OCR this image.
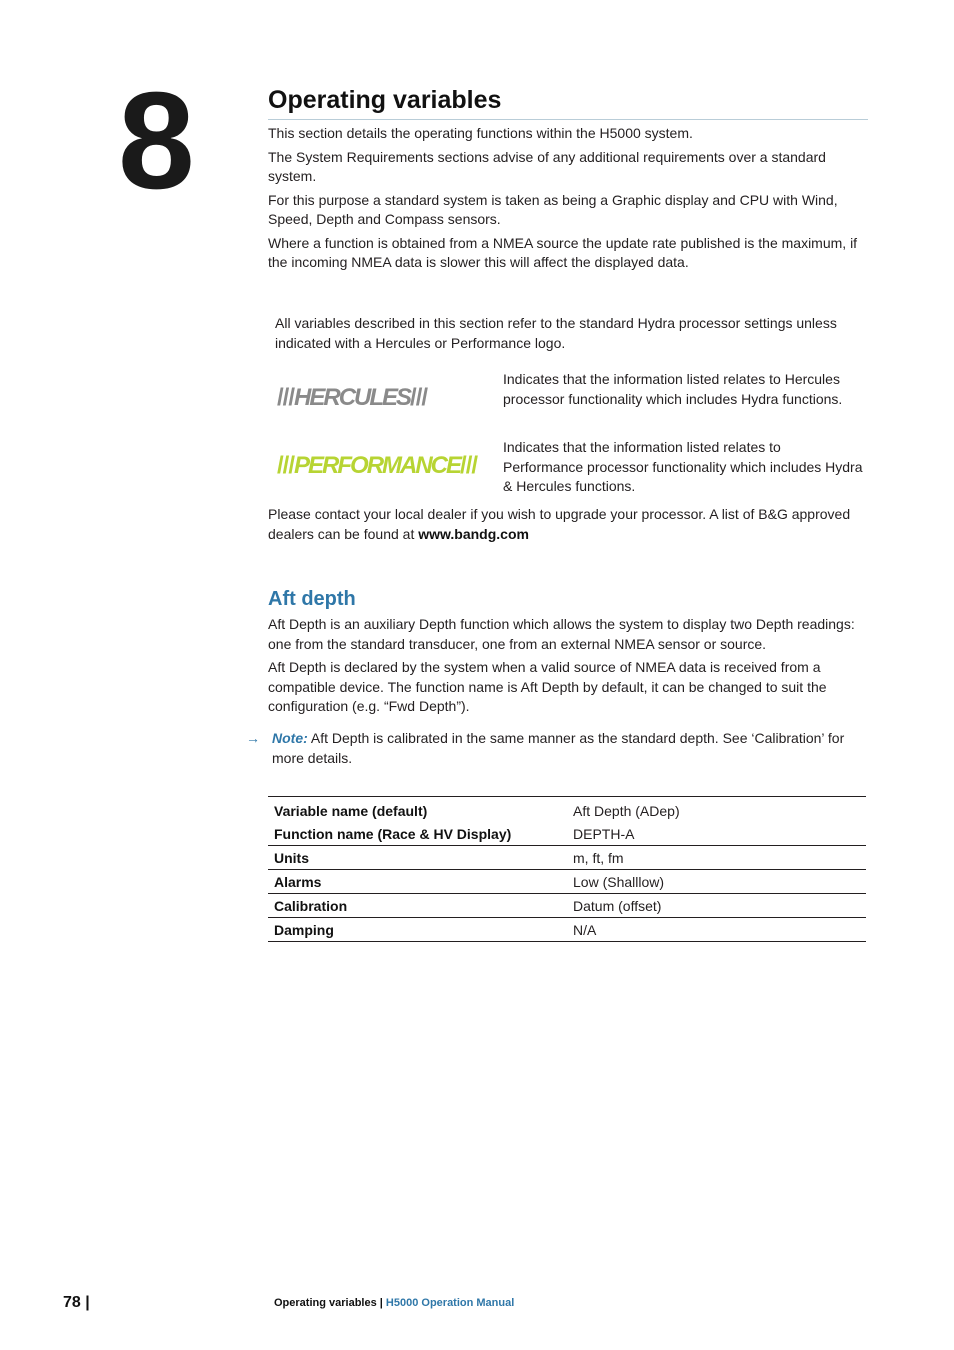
8	Operating variables

This section details the operating functions within the H5000 system.

The System Requirements sections advise of any additional requirements over a standard system.

For this purpose a standard system is taken as being a Graphic display and CPU with Wind, Speed, Depth and Compass sensors.

Where a function is obtained from a NMEA source the update rate published is the maximum, if the incoming NMEA data is slower this will affect the displayed data.

All variables described in this section refer to the standard Hydra processor settings unless indicated with a Hercules or Performance logo.
///HERCULES///
Indicates that the information listed relates to Hercules processor functionality which includes Hydra functions.
///PERFORMANCE///
Indicates that the information listed relates to Performance processor functionality which includes Hydra & Hercules functions.
Please contact your local dealer if you wish to upgrade your processor. A list of B&G approved dealers can be found at www.bandg.com
Aft depth

Aft Depth is an auxiliary Depth function which allows the system to display two Depth readings: one from the standard transducer, one from an external NMEA sensor or source.

Aft Depth is declared by the system when a valid source of NMEA data is received from a compatible device. The function name is Aft Depth by default, it can be changed to suit the configuration (e.g. “Fwd Depth”).

→ Note: Aft Depth is calibrated in the same manner as the standard depth. See ‘Calibration’ for more details.
Variable name (default)	Aft Depth (ADep)
Function name (Race & HV Display)	DEPTH-A
Units	m, ft, fm
Alarms	Low (Shalllow)
Calibration	Datum (offset)
Damping	N/A
78 |	Operating variables | H5000 Operation Manual
